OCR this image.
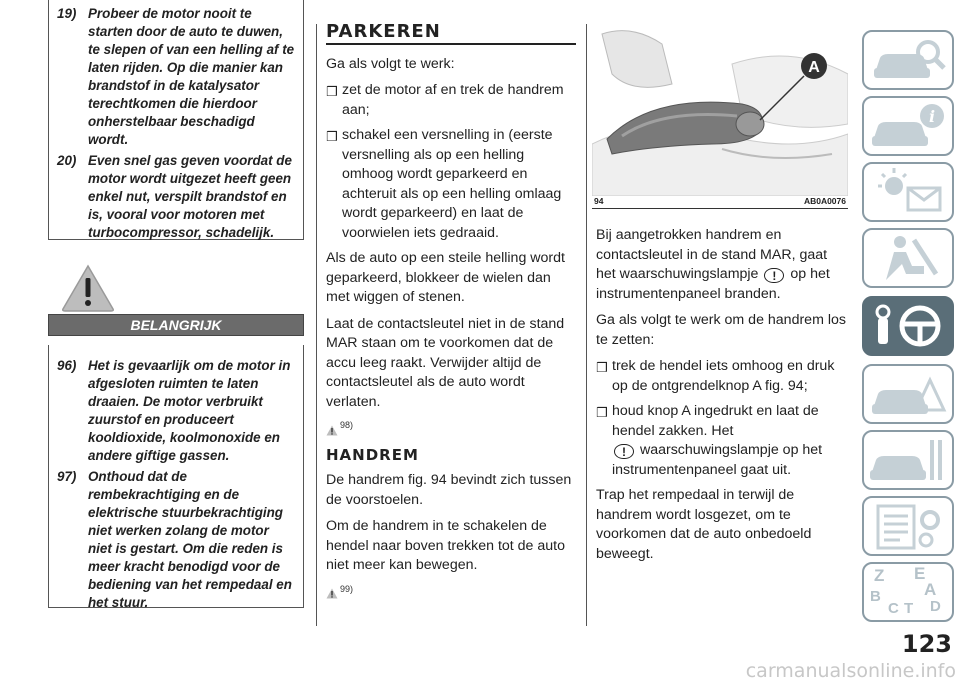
19) Probeer de motor nooit te starten door de auto te duwen, te slepen of van een helling af te laten rijden. Op die manier kan brandstof in de katalysator terechtkomen die hierdoor onherstelbaar beschadigd wordt.
20) Even snel gas geven voordat de motor wordt uitgezet heeft geen enkel nut, verspilt brandstof en is, vooral voor motoren met turbocompressor, schadelijk.
BELANGRIJK
96) Het is gevaarlijk om de motor in afgesloten ruimten te laten draaien. De motor verbruikt zuurstof en produceert kooldioxide, koolmonoxide en andere giftige gassen.
97) Onthoud dat de rembekrachtiging en de elektrische stuurbekrachtiging niet werken zolang de motor niet is gestart. Om die reden is meer kracht benodigd voor de bediening van het rempedaal en het stuur.
PARKEREN

Ga als volgt te werk:

❒ zet de motor af en trek de handrem aan;
❒ schakel een versnelling in (eerste versnelling als op een helling omhoog wordt geparkeerd en achteruit als op een helling omlaag wordt geparkeerd) en laat de voorwielen iets gedraaid.

Als de auto op een steile helling wordt geparkeerd, blokkeer de wielen dan met wiggen of stenen.

Laat de contactsleutel niet in de stand MAR staan om te voorkomen dat de accu leeg raakt. Verwijder altijd de contactsleutel als de auto wordt verlaten.

98)
HANDREM

De handrem fig. 94 bevindt zich tussen de voorstoelen.

Om de handrem in te schakelen de hendel naar boven trekken tot de auto niet meer kan bewegen.

99)
A
94	AB0A0076

Bij aangetrokken handrem en contactsleutel in de stand MAR, gaat het waarschuwingslampje ! op het instrumentenpaneel branden.

Ga als volgt te werk om de handrem los te zetten:

❒ trek de hendel iets omhoog en druk op de ontgrendelknop A fig. 94;
❒ houd knop A ingedrukt en laat de hendel zakken. Het
! waarschuwingslampje op het instrumentenpaneel gaat uit.

Trap het rempedaal in terwijl de handrem wordt losgezet, om te voorkomen dat de auto onbedoeld beweegt.

i
Z E
A
B
C T D
123
carmanualsonline.info
